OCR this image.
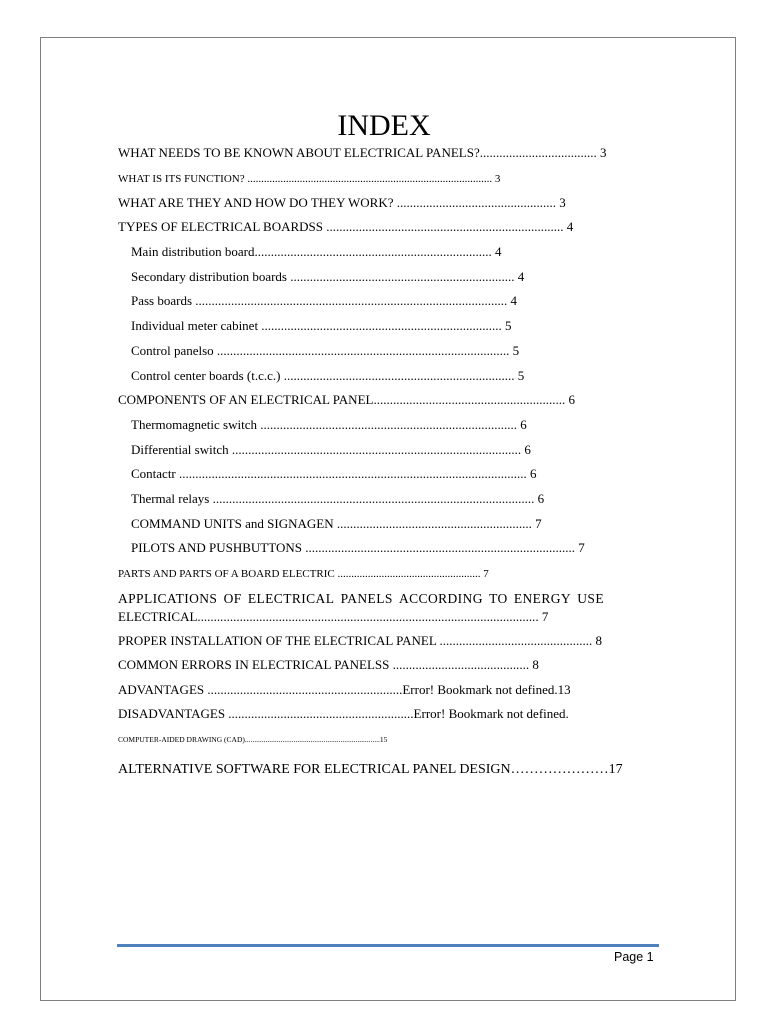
INDEX
WHAT NEEDS TO BE KNOWN ABOUT ELECTRICAL PANELS?.................................... 3
WHAT IS ITS FUNCTION? ......................................................................................... 3
WHAT ARE THEY AND HOW DO THEY WORK? ................................................. 3
TYPES OF ELECTRICAL BOARDSS ......................................................................... 4
Main distribution board......................................................................... 4
Secondary distribution boards ..................................................................... 4
Pass boards ................................................................................................ 4
Individual meter cabinet .......................................................................... 5
Control panelso .......................................................................................... 5
Control center boards (t.c.c.) ....................................................................... 5
COMPONENTS OF AN ELECTRICAL PANEL........................................................... 6
Thermomagnetic switch ............................................................................... 6
Differential switch ......................................................................................... 6
Contactr ........................................................................................................... 6
Thermal relays ................................................................................................... 6
COMMAND UNITS and SIGNAGEN ............................................................ 7
PILOTS AND PUSHBUTTONS ................................................................................... 7
PARTS AND PARTS OF A BOARD ELECTRIC .................................................... 7
APPLICATIONS OF ELECTRICAL PANELS ACCORDING TO ENERGY USE
ELECTRICAL......................................................................................................... 7
PROPER INSTALLATION OF THE ELECTRICAL PANEL ............................................... 8
COMMON ERRORS IN ELECTRICAL PANELSS .......................................... 8
ADVANTAGES ............................................................Error! Bookmark not defined.13
DISADVANTAGES .........................................................Error! Bookmark not defined.
COMPUTER-AIDED DRAWING (CAD)........................................................................15
ALTERNATIVE SOFTWARE FOR ELECTRICAL PANEL DESIGN…………………17
Page 1
